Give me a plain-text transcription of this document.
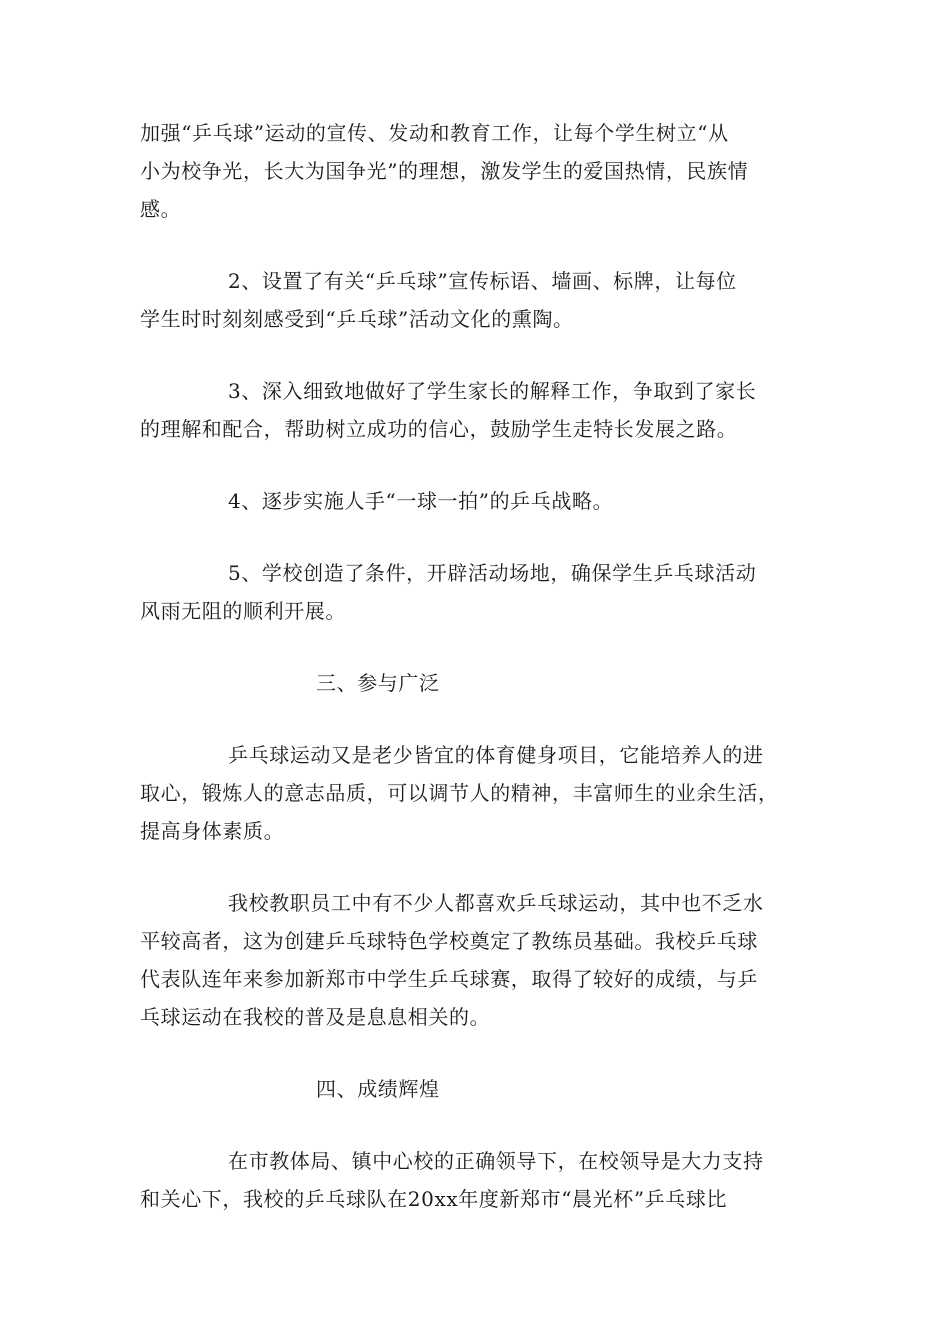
加强“乒乓球”运动的宣传、发动和教育工作，让每个学生树立“从
小为校争光，长大为国争光”的理想，激发学生的爱国热情，民族情
感。
2、设置了有关“乒乓球”宣传标语、墙画、标牌，让每位
学生时时刻刻感受到“乒乓球”活动文化的熏陶。
3、深入细致地做好了学生家长的解释工作，争取到了家长
的理解和配合，帮助树立成功的信心，鼓励学生走特长发展之路。
4、逐步实施人手“一球一拍”的乒乓战略。
5、学校创造了条件，开辟活动场地，确保学生乒乓球活动
风雨无阻的顺利开展。
三、参与广泛
乒乓球运动又是老少皆宜的体育健身项目，它能培养人的进
取心，锻炼人的意志品质，可以调节人的精神，丰富师生的业余生活，
提高身体素质。
我校教职员工中有不少人都喜欢乒乓球运动，其中也不乏水
平较高者，这为创建乒乓球特色学校奠定了教练员基础。我校乒乓球
代表队连年来参加新郑市中学生乒乓球赛，取得了较好的成绩，与乒
乓球运动在我校的普及是息息相关的。
四、成绩辉煌
在市教体局、镇中心校的正确领导下，在校领导是大力支持
和关心下，我校的乒乓球队在20xx年度新郑市“晨光杯”乒乓球比
